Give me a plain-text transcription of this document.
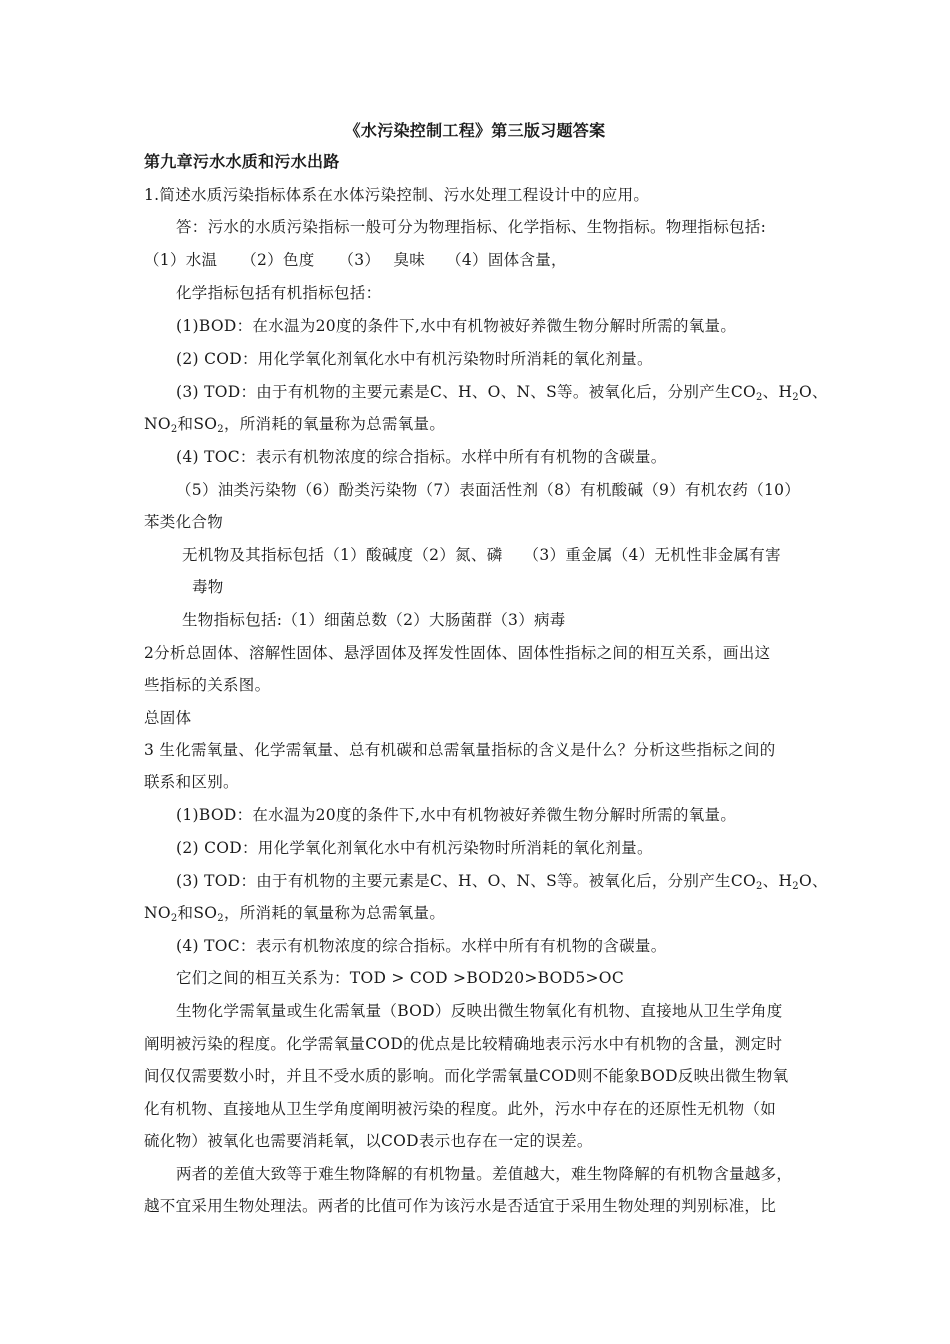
《水污染控制工程》第三版习题答案
第九章污水水质和污水出路
1.简述水质污染指标体系在水体污染控制、污水处理工程设计中的应用。
答：污水的水质污染指标一般可分为物理指标、化学指标、生物指标。物理指标包括:
（1）水温　　（2）色度　　（3）　 臭味　 （4）固体含量，
化学指标包括有机指标包括：
(1)BOD：在水温为20度的条件下,水中有机物被好养微生物分解时所需的氧量。
(2) COD：用化学氧化剂氧化水中有机污染物时所消耗的氧化剂量。
(3) TOD：由于有机物的主要元素是C、H、O、N、S等。被氧化后，分别产生$CO_2$、$H_2O$、
$NO_2$和$SO_2$，所消耗的氧量称为总需氧量。
(4) TOC：表示有机物浓度的综合指标。水样中所有有机物的含碳量。
（5）油类污染物（6）酚类污染物（7）表面活性剂（8）有机酸碱（9）有机农药（10）
苯类化合物
无机物及其指标包括（1）酸碱度（2）氮、磷　 （3）重金属（4）无机性非金属有害
毒物
生物指标包括:（1）细菌总数（2）大肠菌群（3）病毒
2分析总固体、溶解性固体、悬浮固体及挥发性固体、固体性指标之间的相互关系，画出这
些指标的关系图。
总固体
3 生化需氧量、化学需氧量、总有机碳和总需氧量指标的含义是什么？分析这些指标之间的
联系和区别。
(1)BOD：在水温为20度的条件下,水中有机物被好养微生物分解时所需的氧量。
(2) COD：用化学氧化剂氧化水中有机污染物时所消耗的氧化剂量。
(3) TOD：由于有机物的主要元素是C、H、O、N、S等。被氧化后，分别产生$CO_2$、$H_2O$、
$NO_2$和$SO_2$，所消耗的氧量称为总需氧量。
(4) TOC：表示有机物浓度的综合指标。水样中所有有机物的含碳量。
它们之间的相互关系为：TOD > COD >BOD20>BOD5>OC
生物化学需氧量或生化需氧量（BOD）反映出微生物氧化有机物、直接地从卫生学角度
阐明被污染的程度。化学需氧量COD的优点是比较精确地表示污水中有机物的含量，测定时
间仅仅需要数小时，并且不受水质的影响。而化学需氧量COD则不能象BOD反映出微生物氧
化有机物、直接地从卫生学角度阐明被污染的程度。此外，污水中存在的还原性无机物（如
硫化物）被氧化也需要消耗氧，以COD表示也存在一定的误差。
两者的差值大致等于难生物降解的有机物量。差值越大，难生物降解的有机物含量越多，
越不宜采用生物处理法。两者的比值可作为该污水是否适宜于采用生物处理的判别标准，比
